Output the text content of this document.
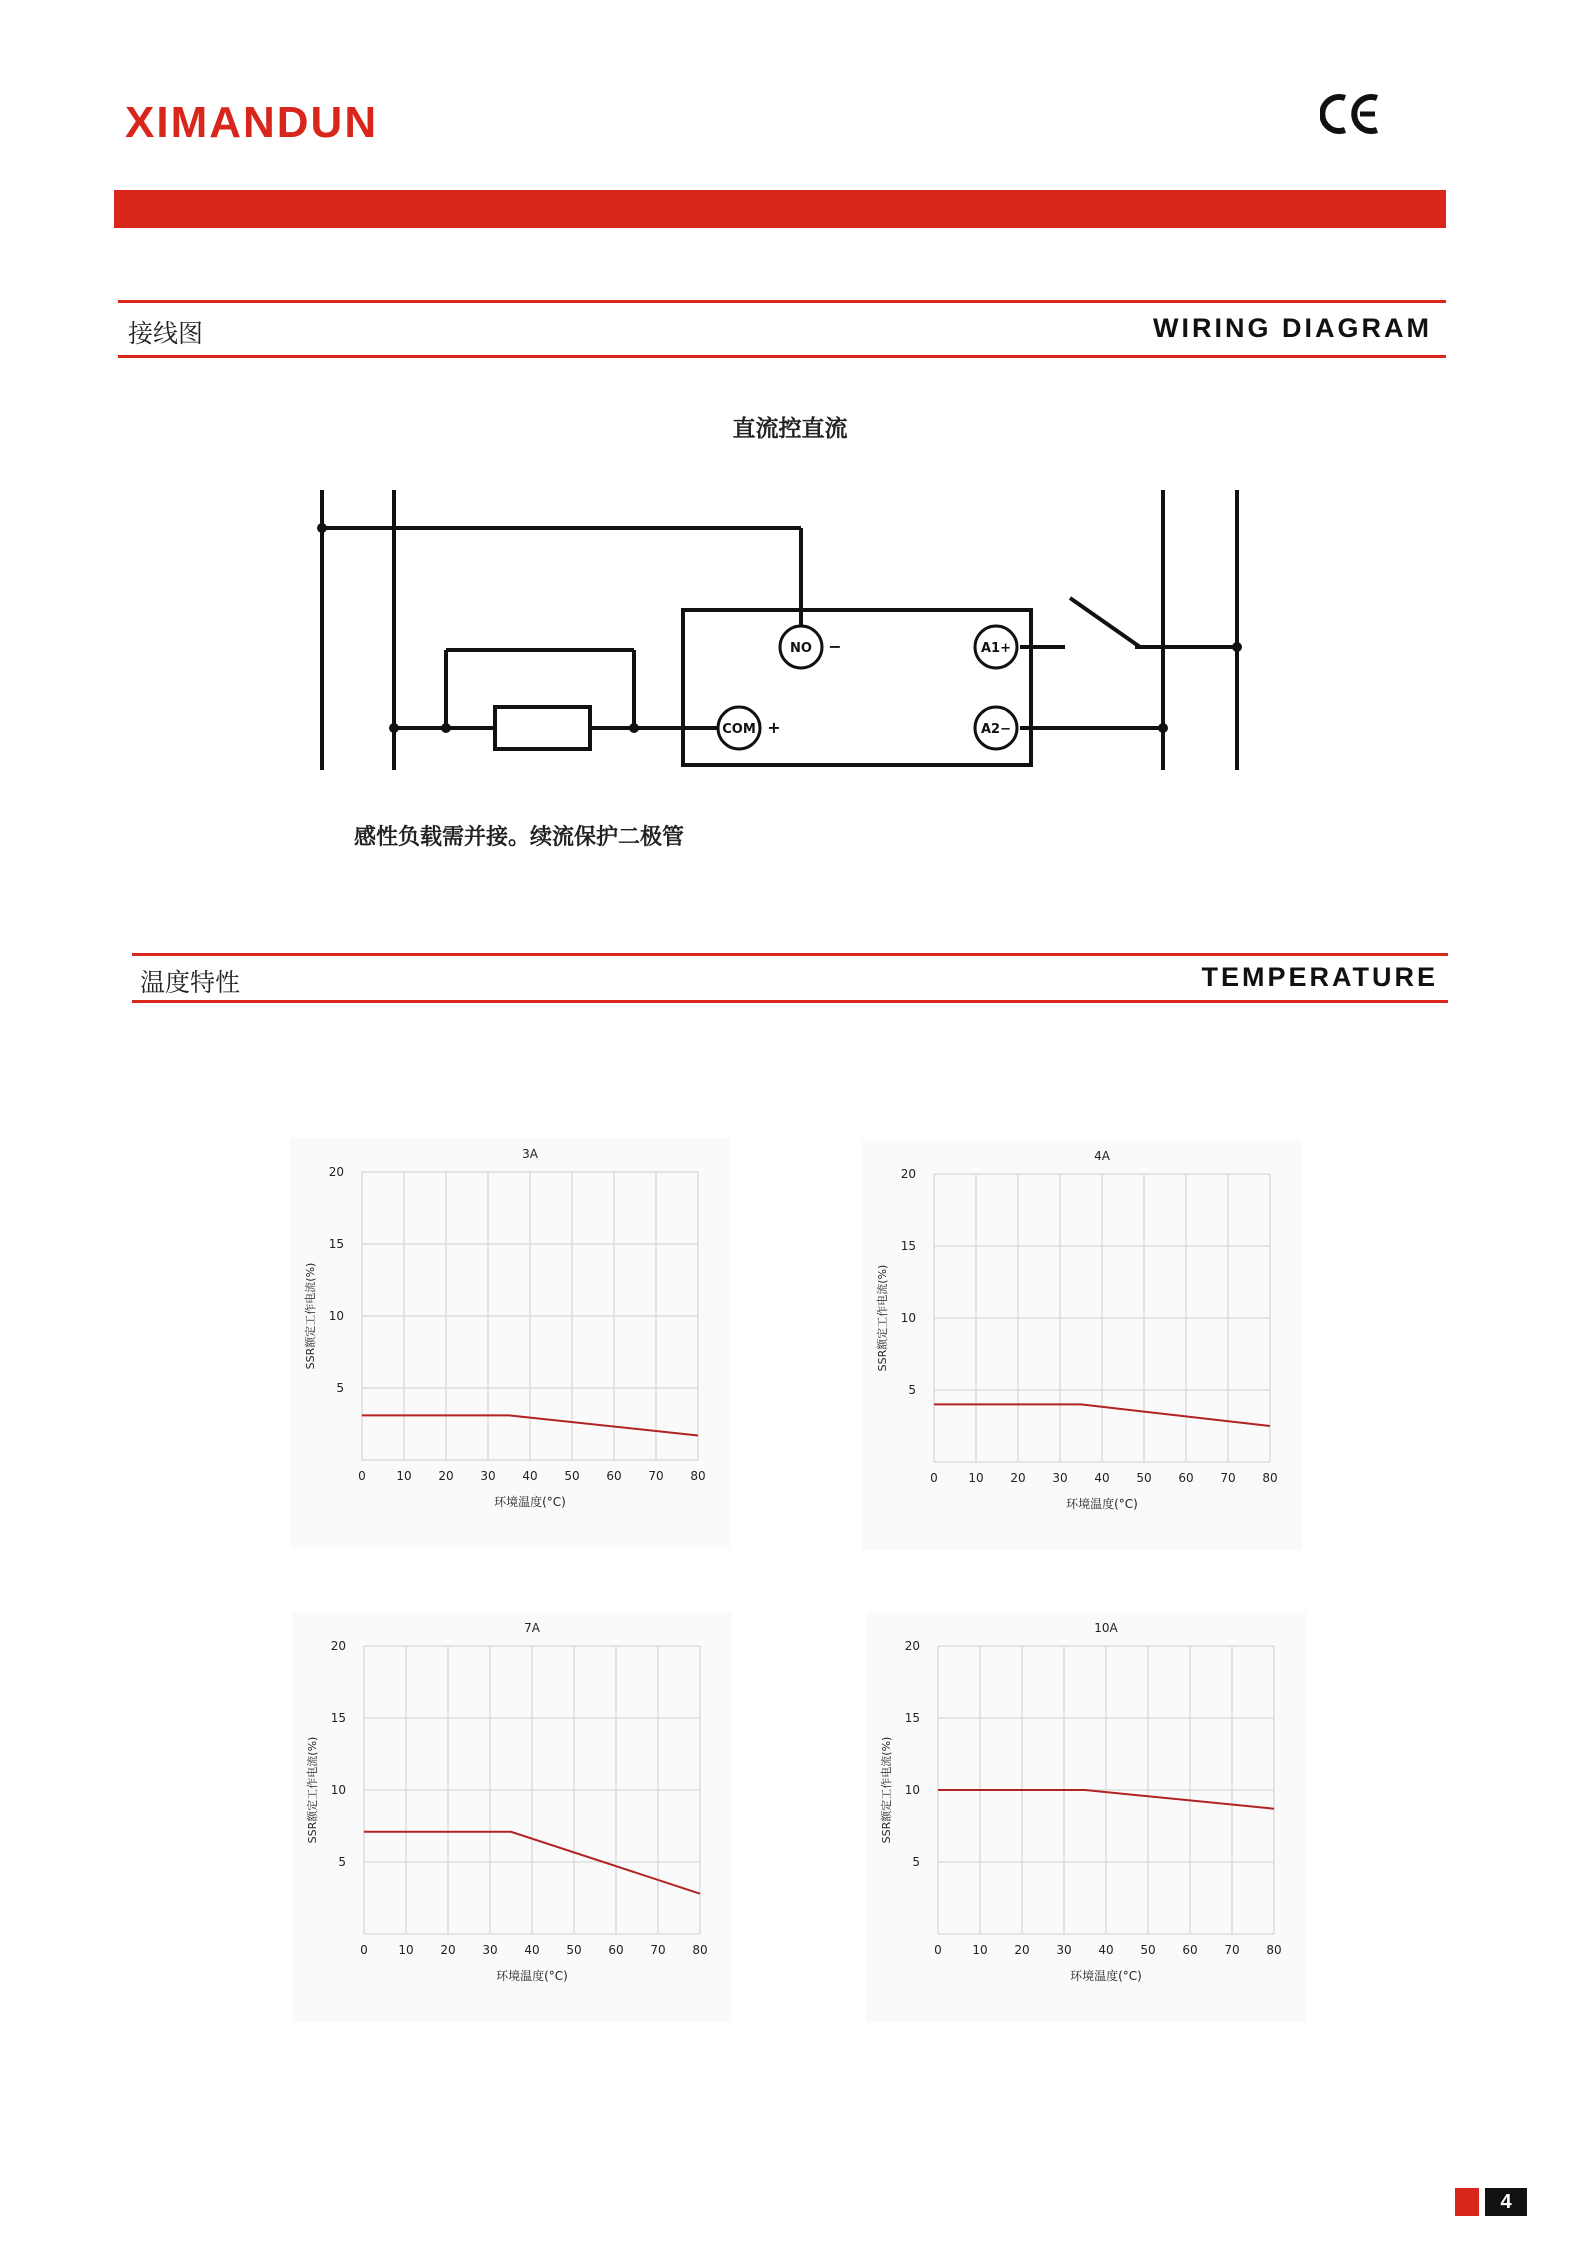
XIMANDUN
接线图	WIRING DIAGRAM
直流控直流
NO
COM
A1+
A2−
−
+
感性负载需并接。续流保护二极管
温度特性	TEMPERATURE
0	10 20 30 40 50 60 70 80
5
10
15
20
3A
环境温度(°C)
SSR额定工作电流(%)
0	10 20 30 40 50 60 70 80
5
10
15
20
4A
环境温度(°C)
SSR额定工作电流(%)
0	10 20 30 40 50 60 70 80
5
10
15
20
7A
环境温度(°C)
SSR额定工作电流(%)
0	10 20 30 40 50 60 70 80
5
10
15
20
10A
环境温度(°C)
SSR额定工作电流(%)
4
